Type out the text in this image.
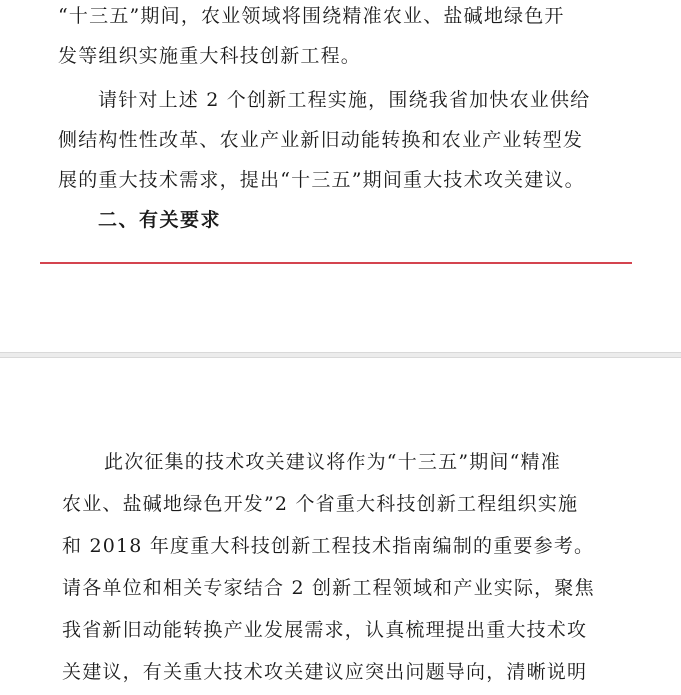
“十三五”期间，农业领域将围绕精准农业、盐碱地绿色开
发等组织实施重大科技创新工程。
请针对上述 2 个创新工程实施，围绕我省加快农业供给
侧结构性性改革、农业产业新旧动能转换和农业产业转型发
展的重大技术需求，提出“十三五”期间重大技术攻关建议。
二、有关要求
此次征集的技术攻关建议将作为“十三五”期间“精准
农业、盐碱地绿色开发”2 个省重大科技创新工程组织实施
和 2018 年度重大科技创新工程技术指南编制的重要参考。
请各单位和相关专家结合 2 创新工程领域和产业实际，聚焦
我省新旧动能转换产业发展需求，认真梳理提出重大技术攻
关建议，有关重大技术攻关建议应突出问题导向，清晰说明
